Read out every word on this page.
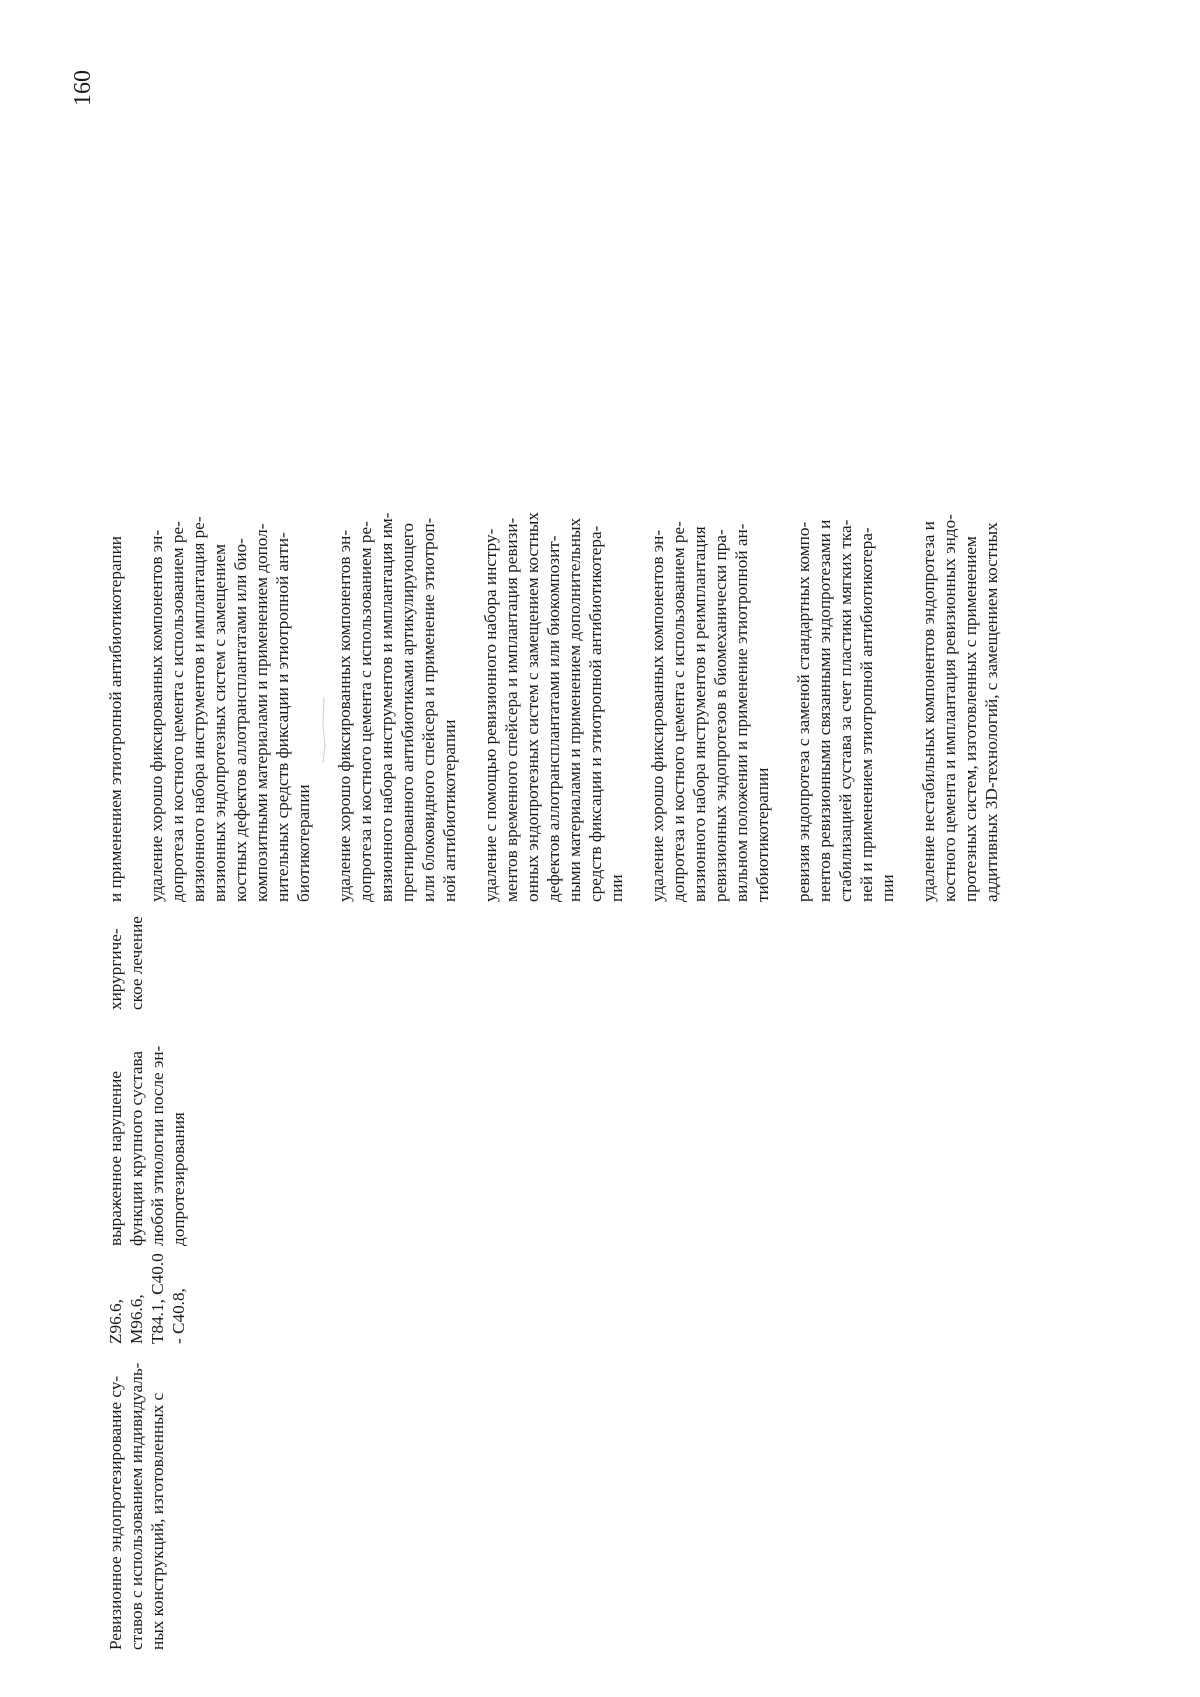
160
Ревизионное эндопротезирование су- ставов с использованием индивидуаль- ных конструкций, изготовленных с
Z96.6, M96.6, T84.1, C40.0 - C40.8,
выраженное нарушение функции крупного сустава любой этиологии после эн- допротезирования
хирургиче- ское лечение
и применением этиотропной антибиотикотерапии удаление хорошо фиксированных компонентов эн- допротеза и костного цемента с использованием ре- визионного набора инструментов и имплантация ре- визионных эндопротезных систем с замещением костных дефектов аллотрансплантатами или био- композитными материалами и применением допол- нительных средств фиксации и этиотропной анти- биотикотерапии удаление хорошо фиксированных компонентов эн- допротеза и костного цемента с использованием ре- визионного набора инструментов и имплантация им- прегнированного антибиотиками артикулирующего или блоковидного спейсера и применение этиотроп- ной антибиотикотерапии удаление с помощью ревизионного набора инстру- ментов временного спейсера и имплантация ревизи- онных эндопротезных систем с замещением костных дефектов аллотрансплантатами или биокомпозит- ными материалами и применением дополнительных средств фиксации и этиотропной антибиотикотера- пии удаление хорошо фиксированных компонентов эн- допротеза и костного цемента с использованием ре- визионного набора инструментов и реимплантация ревизионных эндопротезов в биомеханически пра- вильном положении и применение этиотропной ан- тибиотикотерапии ревизия эндопротеза с заменой стандартных компо- нентов ревизионными связанными эндопротезами и стабилизацией сустава за счет пластики мягких тка- ней и применением этиотропной антибиотикотера- пии удаление нестабильных компонентов эндопротеза и костного цемента и имплантация ревизионных эндо- протезных систем, изготовленных с применением аддитивных 3D-технологий, с замещением костных
